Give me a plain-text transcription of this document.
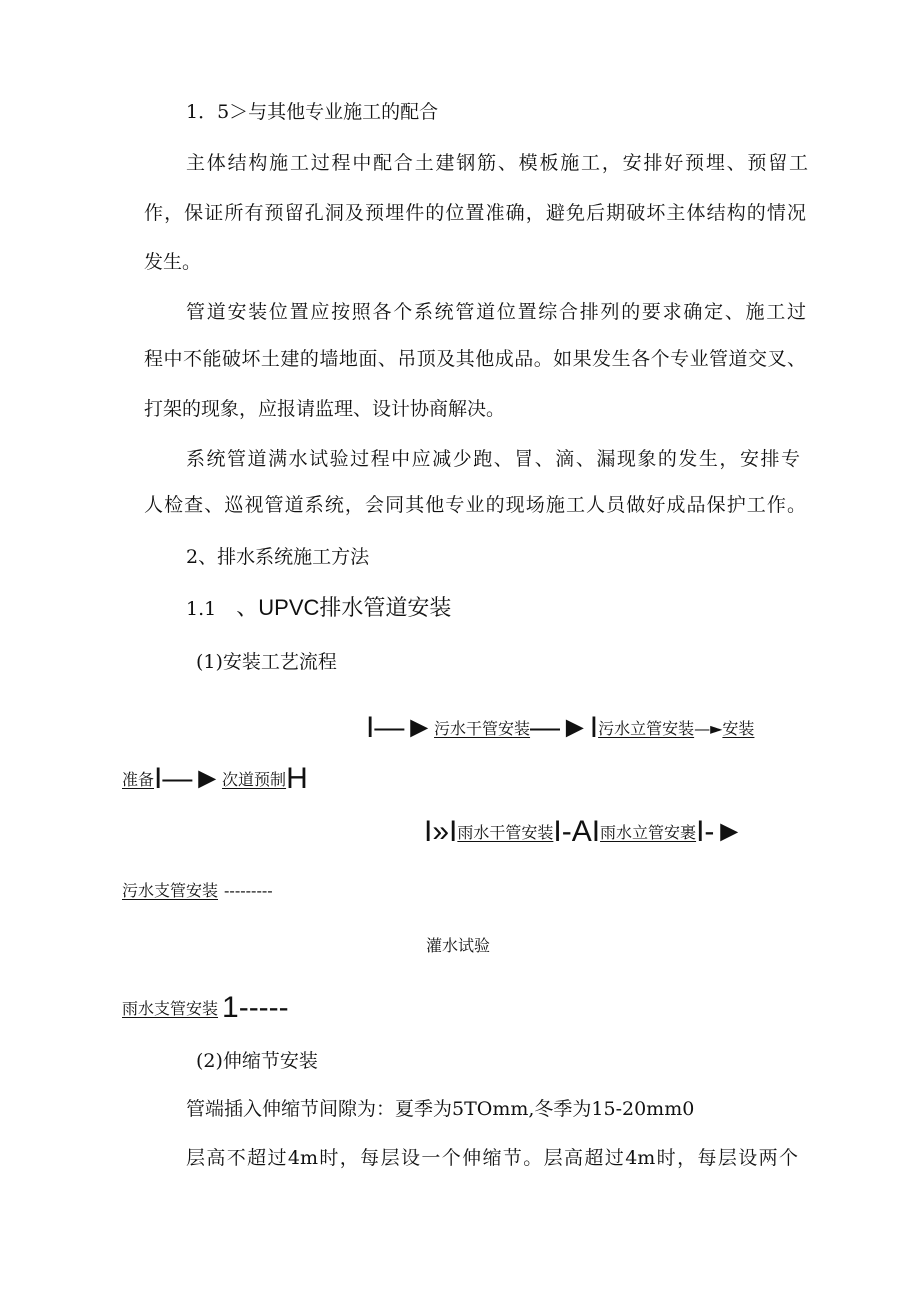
1．5＞与其他专业施工的配合
主体结构施工过程中配合土建钢筋、模板施工，安排好预埋、预留工
作，保证所有预留孔洞及预埋件的位置准确，避免后期破坏主体结构的情况
发生。
管道安装位置应按照各个系统管道位置综合排列的要求确定、施工过
程中不能破坏土建的墙地面、吊顶及其他成品。如果发生各个专业管道交叉、
打架的现象，应报请监理、设计协商解决。
系统管道满水试验过程中应减少跑、冒、滴、漏现象的发生，安排专
人检查、巡视管道系统，会同其他专业的现场施工人员做好成品保护工作。
2、排水系统施工方法
1.1 、UPVC排水管道安装
(1)安装工艺流程
I—►污水干管安装—►I污水立管安装—►安装
准备I—►次道预制H
I»I雨水干管安装I-AI雨水立管安裹I-►
污水支管安装 ---------
灌水试验
雨水支管安装 1-----
(2)伸缩节安装
管端插入伸缩节间隙为：夏季为5TOmm,冬季为15-20mm0
层高不超过4m时，每层设一个伸缩节。层高超过4m时，每层设两个
